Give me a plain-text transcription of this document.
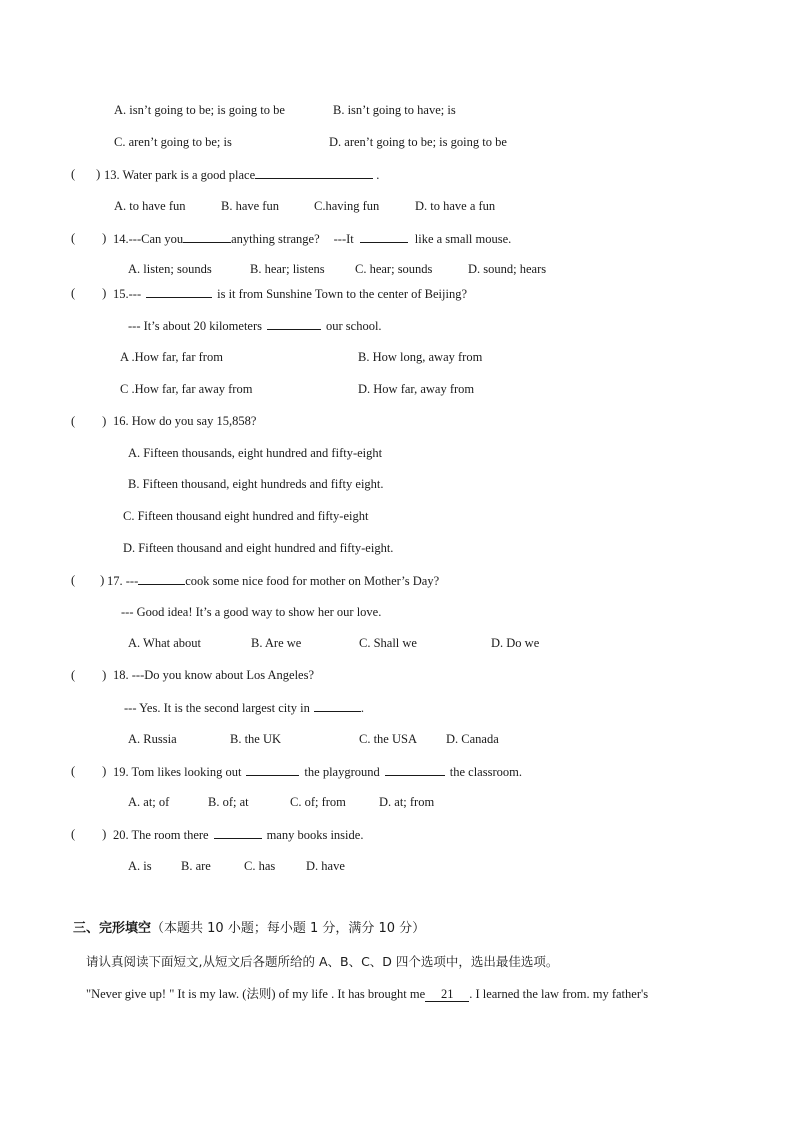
A. isn’t going to be; is going to be	B. isn’t going to have; is
C. aren’t going to be; is	D. aren’t going to be; is going to be
( ) 13. Water park is a good place	.
A. to have fun	B. have fun	C.having fun	D. to have a fun
( ) 14.---Can you	anything strange? ---It	like a small mouse.
A. listen; sounds	B. hear; listens C. hear; sounds	D. sound; hears
( ) 15.---	is it from Sunshine Town to the center of Beijing?
--- It’s about 20 kilometers	our school.
A .How far, far from	B. How long, away from
C .How far, far away from	D. How far, away from
( ) 16. How do you say 15,858?
A. Fifteen thousands, eight hundred and fifty-eight
B. Fifteen thousand, eight hundreds and fifty eight.
C. Fifteen thousand eight hundred and fifty-eight
D. Fifteen thousand and eight hundred and fifty-eight.
( ) 17. ---	cook some nice food for mother on Mother’s Day?
--- Good idea! It’s a good way to show her our love.
A. What about	B. Are we	C. Shall we	D. Do we
( ) 18. ---Do you know about Los Angeles?
--- Yes. It is the second largest city in	.
A. Russia	B. the UK	C. the USA D. Canada
( ) 19. Tom likes looking out	the playground	the classroom.
A. at; of	B. of; at	C. of; from	D. at; from
( ) 20. The room there	many books inside.
A. is B. are	C. has D. have
三、完形填空（本题共 10 小题；每小题 1 分，满分 10 分）
请认真阅读下面短文,从短文后各题所给的 A、B、C、D 四个选项中，选出最佳选项。
"Never give up! " It is my law. (法则) of my life . It has brought me 21 . I learned the law from. my father's
